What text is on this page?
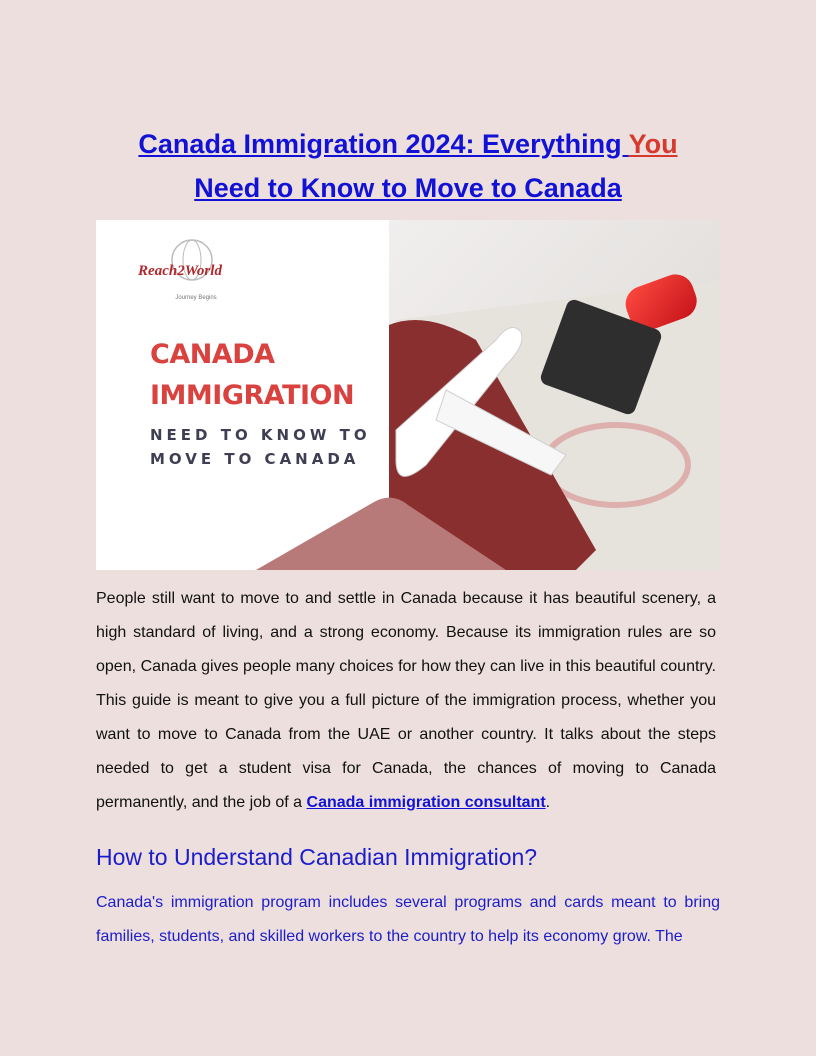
Canada Immigration 2024: Everything You
Need to Know to Move to Canada
Reach2World
Journey Begins
CANADA
IMMIGRATION
NEED TO KNOW TO
MOVE TO CANADA

People still want to move to and settle in Canada because it has beautiful scenery, a high standard of living, and a strong economy. Because its immigration rules are so open, Canada gives people many choices for how they can live in this beautiful country. This guide is meant to give you a full picture of the immigration process, whether you want to move to Canada from the UAE or another country. It talks about the steps needed to get a student visa for Canada, the chances of moving to Canada permanently, and the job of a Canada immigration consultant.

How to Understand Canadian Immigration?

Canada's immigration program includes several programs and cards meant to bring families, students, and skilled workers to the country to help its economy grow. The
